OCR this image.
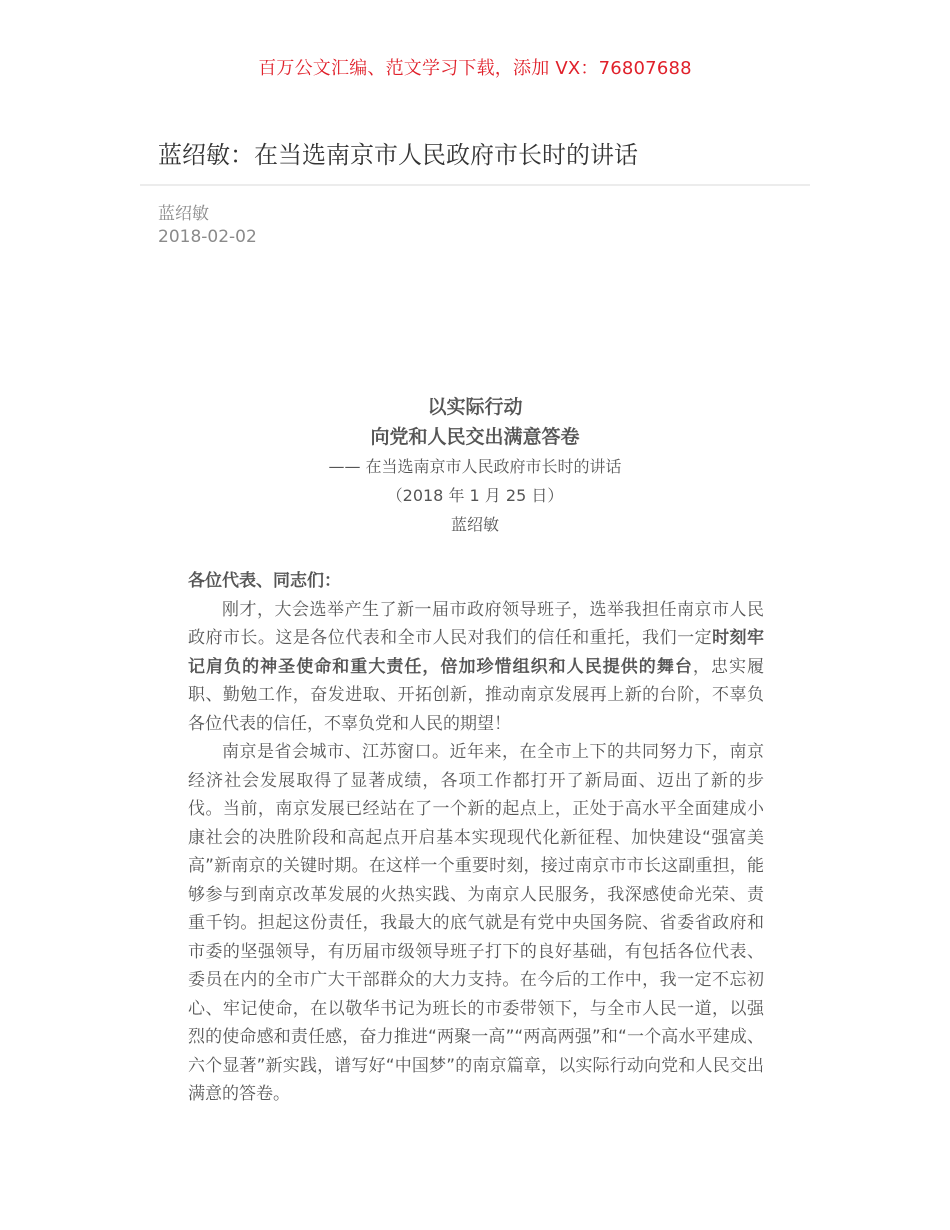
百万公文汇编、范文学习下载，添加 VX：76807688
蓝绍敏：在当选南京市人民政府市长时的讲话
蓝绍敏
2018-02-02
以实际行动
向党和人民交出满意答卷
—— 在当选南京市人民政府市长时的讲话
（2018 年 1 月 25 日）
蓝绍敏

各位代表、同志们：

刚才，大会选举产生了新一届市政府领导班子，选举我担任南京市人民政府市长。这是各位代表和全市人民对我们的信任和重托，我们一定时刻牢记肩负的神圣使命和重大责任，倍加珍惜组织和人民提供的舞台，忠实履职、勤勉工作，奋发进取、开拓创新，推动南京发展再上新的台阶，不辜负各位代表的信任，不辜负党和人民的期望！

南京是省会城市、江苏窗口。近年来，在全市上下的共同努力下，南京经济社会发展取得了显著成绩，各项工作都打开了新局面、迈出了新的步伐。当前，南京发展已经站在了一个新的起点上，正处于高水平全面建成小康社会的决胜阶段和高起点开启基本实现现代化新征程、加快建设“强富美高”新南京的关键时期。在这样一个重要时刻，接过南京市市长这副重担，能够参与到南京改革发展的火热实践、为南京人民服务，我深感使命光荣、责重千钧。担起这份责任，我最大的底气就是有党中央国务院、省委省政府和市委的坚强领导，有历届市级领导班子打下的良好基础，有包括各位代表、委员在内的全市广大干部群众的大力支持。在今后的工作中，我一定不忘初心、牢记使命，在以敬华书记为班长的市委带领下，与全市人民一道，以强烈的使命感和责任感，奋力推进“两聚一高”“两高两强”和“一个高水平建成、六个显著”新实践，谱写好“中国梦”的南京篇章，以实际行动向党和人民交出满意的答卷。
